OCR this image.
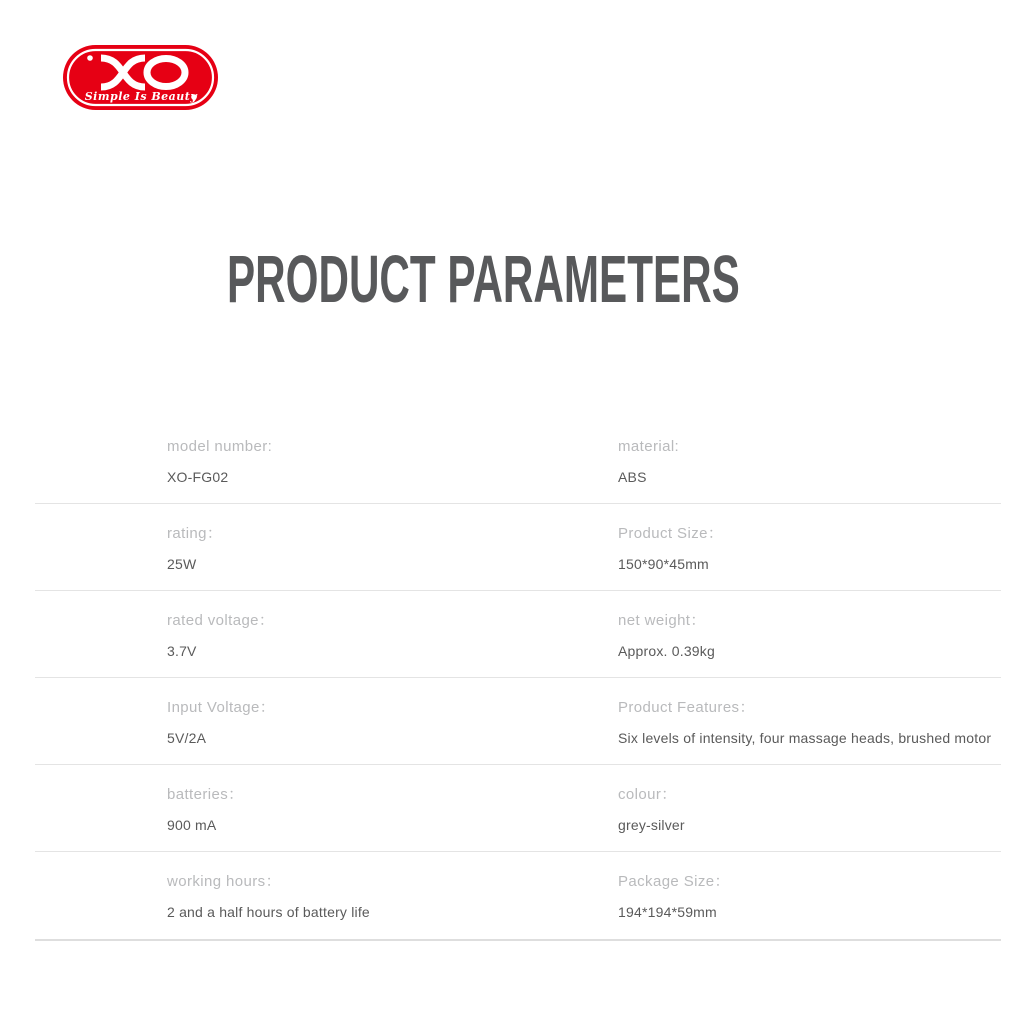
Simple Is Beauty
PRODUCT PARAMETERS
model number:
XO-FG02
material:
ABS
rating：
25W
Product Size：
150*90*45mm
rated voltage：
3.7V
net weight：
Approx. 0.39kg
Input Voltage：
5V/2A
Product Features：
Six levels of intensity, four massage heads, brushed motor
batteries：
900 mA
colour：
grey-silver
working hours：
2 and a half hours of battery life
Package Size：
194*194*59mm
